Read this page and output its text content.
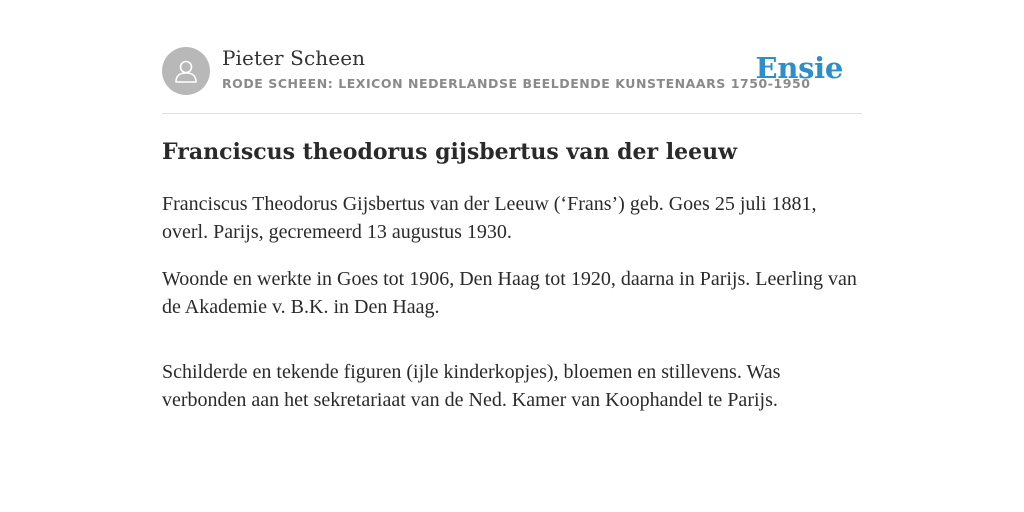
Pieter Scheen
RODE SCHEEN: LEXICON NEDERLANDSE BEELDENDE KUNSTENAARS 1750-1950
Ensie
Franciscus theodorus gijsbertus van der leeuw

Franciscus Theodorus Gijsbertus van der Leeuw (‘Frans’) geb. Goes 25 juli 1881, overl. Parijs, gecremeerd 13 augustus 1930.

Woonde en werkte in Goes tot 1906, Den Haag tot 1920, daarna in Parijs. Leerling van de Akademie v. B.K. in Den Haag.

Schilderde en tekende figuren (ijle kinderkopjes), bloemen en stillevens. Was verbonden aan het sekretariaat van de Ned. Kamer van Koophandel te Parijs.
